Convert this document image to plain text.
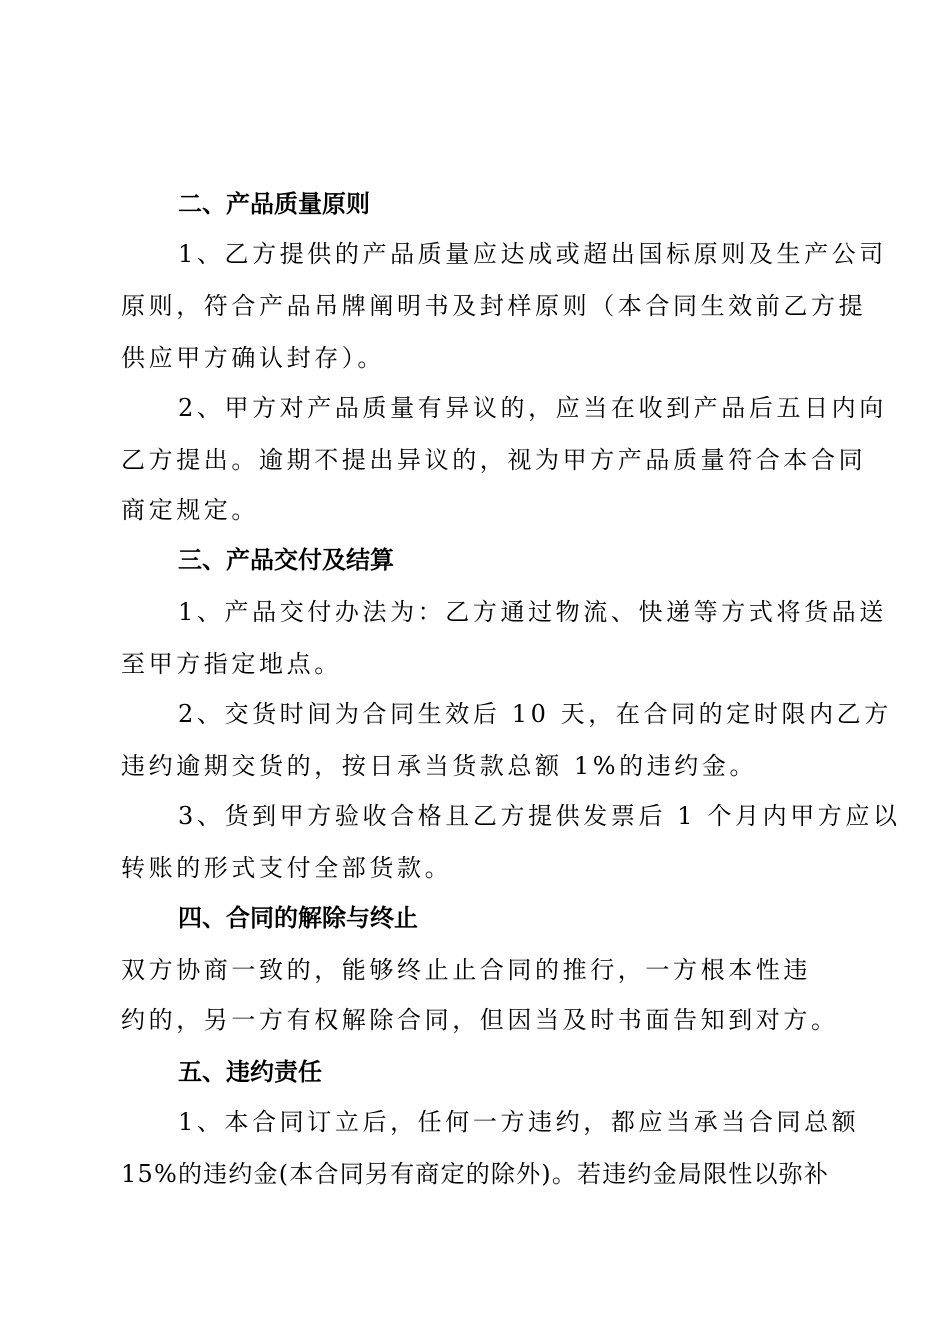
二、产品质量原则
1、乙方提供的产品质量应达成或超出国标原则及生产公司
原则，符合产品吊牌阐明书及封样原则（本合同生效前乙方提
供应甲方确认封存）。
2、甲方对产品质量有异议的，应当在收到产品后五日内向
乙方提出。逾期不提出异议的，视为甲方产品质量符合本合同
商定规定。
三、产品交付及结算
1、产品交付办法为：乙方通过物流、快递等方式将货品送
至甲方指定地点。
2、交货时间为合同生效后 10 天，在合同的定时限内乙方
违约逾期交货的，按日承当货款总额 1%的违约金。
3、货到甲方验收合格且乙方提供发票后 1 个月内甲方应以
转账的形式支付全部货款。
四、合同的解除与终止
双方协商一致的，能够终止止合同的推行，一方根本性违
约的，另一方有权解除合同，但因当及时书面告知到对方。
五、违约责任
1、本合同订立后，任何一方违约，都应当承当合同总额
15%的违约金(本合同另有商定的除外)。若违约金局限性以弥补
